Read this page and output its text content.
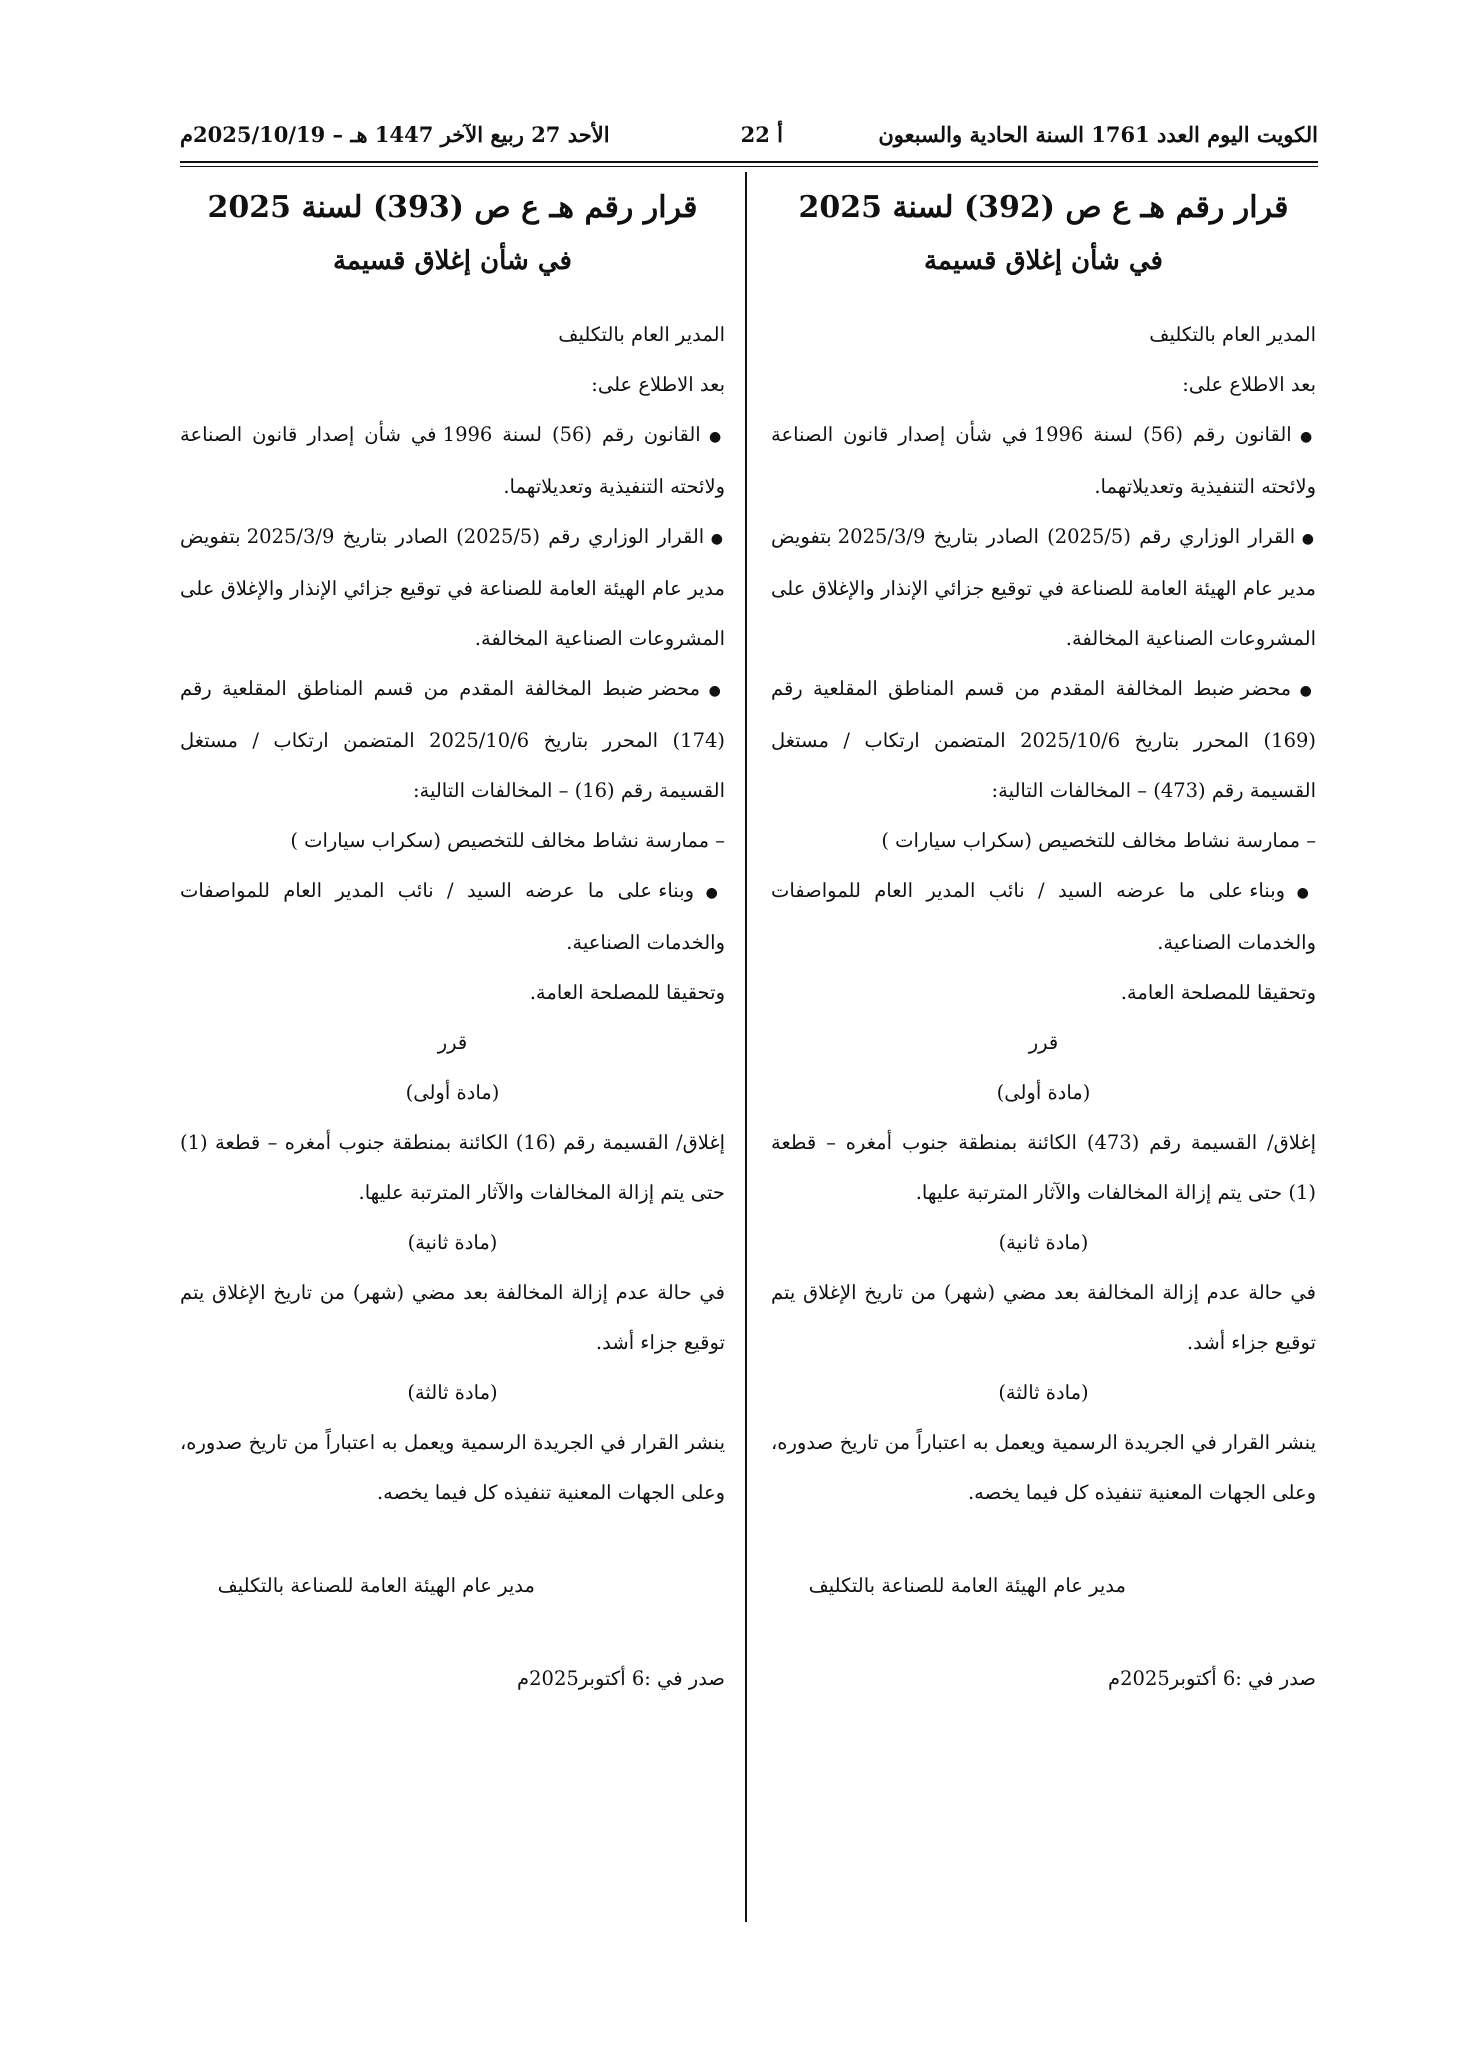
الكويت اليوم العدد 1761 السنة الحادية والسبعون
أ 22
الأحد 27 ربيع الآخر 1447 هـ – 2025/10/19م
قرار رقم هـ ع ص (392) لسنة 2025
في شأن إغلاق قسيمة

المدير العام بالتكليف

بعد الاطلاع على:

● القانون رقم (56) لسنة 1996 في شأن إصدار قانون الصناعة ولائحته التنفيذية وتعديلاتهما.

● القرار الوزاري رقم (2025/5) الصادر بتاريخ 2025/3/9 بتفويض مدير عام الهيئة العامة للصناعة في توقيع جزائي الإنذار والإغلاق على المشروعات الصناعية المخالفة.

● محضر ضبط المخالفة المقدم من قسم المناطق المقلعية رقم (169) المحرر بتاريخ 2025/10/6 المتضمن ارتكاب / مستغل القسيمة رقم (473) – المخالفات التالية:

– ممارسة نشاط مخالف للتخصيص (سكراب سيارات )

● وبناء على ما عرضه السيد / نائب المدير العام للمواصفات والخدمات الصناعية.

وتحقيقا للمصلحة العامة.

قرر
(مادة أولى)

إغلاق/ القسيمة رقم (473) الكائنة بمنطقة جنوب أمغره – قطعة (1) حتى يتم إزالة المخالفات والآثار المترتبة عليها.

(مادة ثانية)

في حالة عدم إزالة المخالفة بعد مضي (شهر) من تاريخ الإغلاق يتم توقيع جزاء أشد.

(مادة ثالثة)

ينشر القرار في الجريدة الرسمية ويعمل به اعتباراً من تاريخ صدوره، وعلى الجهات المعنية تنفيذه كل فيما يخصه.

مدير عام الهيئة العامة للصناعة بالتكليف
صدر في :6 أكتوبر2025م
قرار رقم هـ ع ص (393) لسنة 2025
في شأن إغلاق قسيمة

المدير العام بالتكليف

بعد الاطلاع على:

● القانون رقم (56) لسنة 1996 في شأن إصدار قانون الصناعة ولائحته التنفيذية وتعديلاتهما.

● القرار الوزاري رقم (2025/5) الصادر بتاريخ 2025/3/9 بتفويض مدير عام الهيئة العامة للصناعة في توقيع جزائي الإنذار والإغلاق على المشروعات الصناعية المخالفة.

● محضر ضبط المخالفة المقدم من قسم المناطق المقلعية رقم (174) المحرر بتاريخ 2025/10/6 المتضمن ارتكاب / مستغل القسيمة رقم (16) – المخالفات التالية:

– ممارسة نشاط مخالف للتخصيص (سكراب سيارات )

● وبناء على ما عرضه السيد / نائب المدير العام للمواصفات والخدمات الصناعية.

وتحقيقا للمصلحة العامة.

قرر
(مادة أولى)

إغلاق/ القسيمة رقم (16) الكائنة بمنطقة جنوب أمغره – قطعة (1) حتى يتم إزالة المخالفات والآثار المترتبة عليها.

(مادة ثانية)

في حالة عدم إزالة المخالفة بعد مضي (شهر) من تاريخ الإغلاق يتم توقيع جزاء أشد.

(مادة ثالثة)

ينشر القرار في الجريدة الرسمية ويعمل به اعتباراً من تاريخ صدوره، وعلى الجهات المعنية تنفيذه كل فيما يخصه.

مدير عام الهيئة العامة للصناعة بالتكليف
صدر في :6 أكتوبر2025م
